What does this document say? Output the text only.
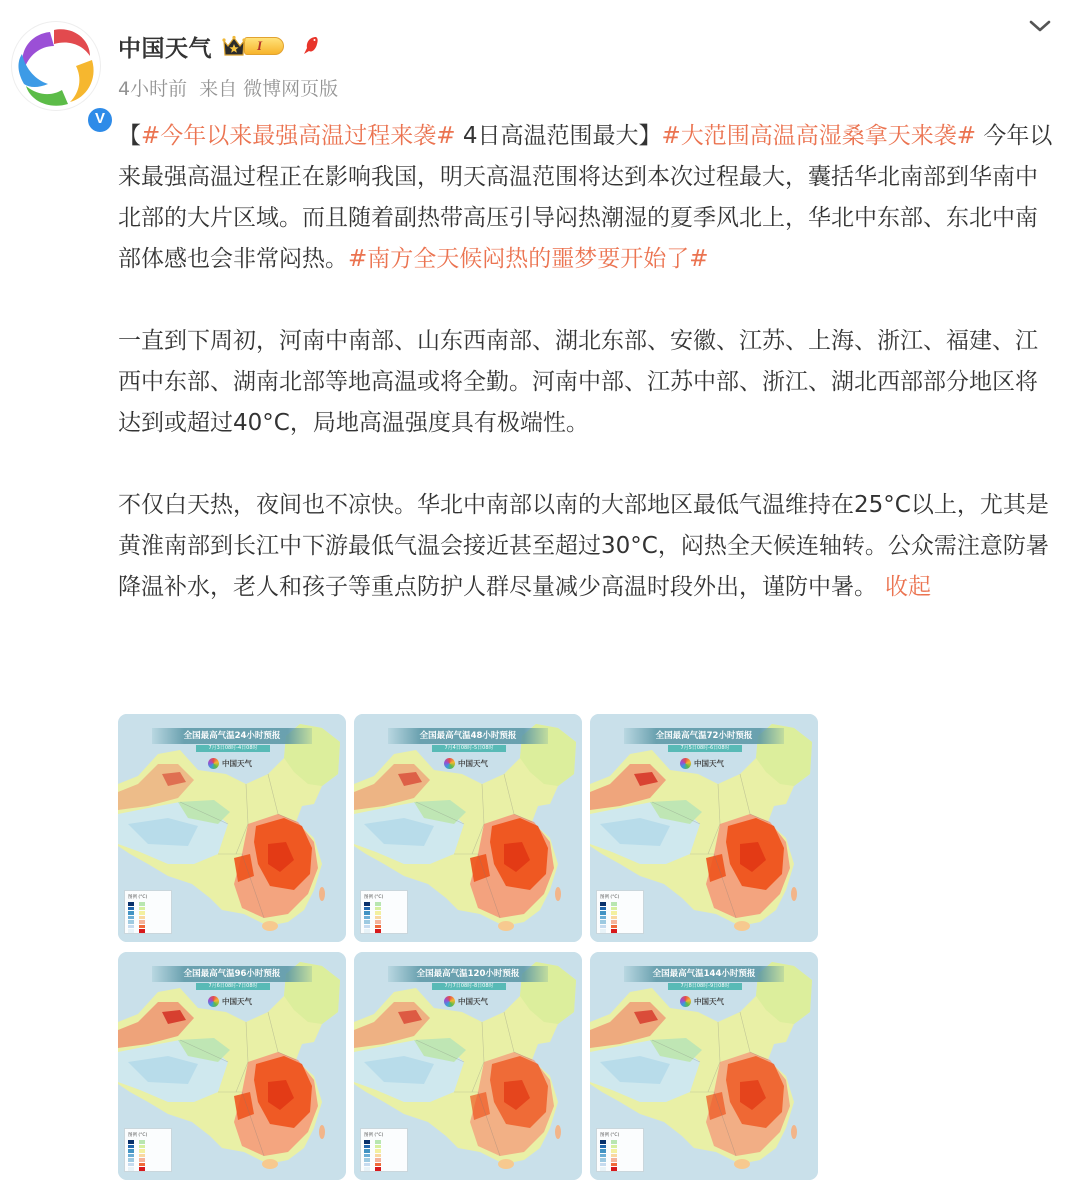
V
中国天气	I
4小时前 来自 微博网页版

【#今年以来最强高温过程来袭# 4日高温范围最大】#大范围高温高湿桑拿天来袭# 今年以来最强高温过程正在影响我国，明天高温范围将达到本次过程最大，囊括华北南部到华南中北部的大片区域。而且随着副热带高压引导闷热潮湿的夏季风北上，华北中东部、东北中南部体感也会非常闷热。#南方全天候闷热的噩梦要开始了#

一直到下周初，河南中南部、山东西南部、湖北东部、安徽、江苏、上海、浙江、福建、江西中东部、湖南北部等地高温或将全勤。河南中部、江苏中部、浙江、湖北西部部分地区将达到或超过40°C，局地高温强度具有极端性。

不仅白天热，夜间也不凉快。华北中南部以南的大部地区最低气温维持在25°C以上，尤其是黄淮南部到长江中下游最低气温会接近甚至超过30°C，闷热全天候连轴转。公众需注意防暑降温补水，老人和孩子等重点防护人群尽量减少高温时段外出，谨防中暑。 收起

全国最高气温24小时预报
7月3日08时-4日08时
中国天气
图例 (°C)
全国最高气温48小时预报
7月4日08时-5日08时
中国天气
图例 (°C)
全国最高气温72小时预报
7月5日08时-6日08时
中国天气
图例 (°C)
全国最高气温96小时预报
7月6日08时-7日08时
中国天气
图例 (°C)
全国最高气温120小时预报
7月7日08时-8日08时
中国天气
图例 (°C)
全国最高气温144小时预报
7月8日08时-9日08时
中国天气
图例 (°C)
